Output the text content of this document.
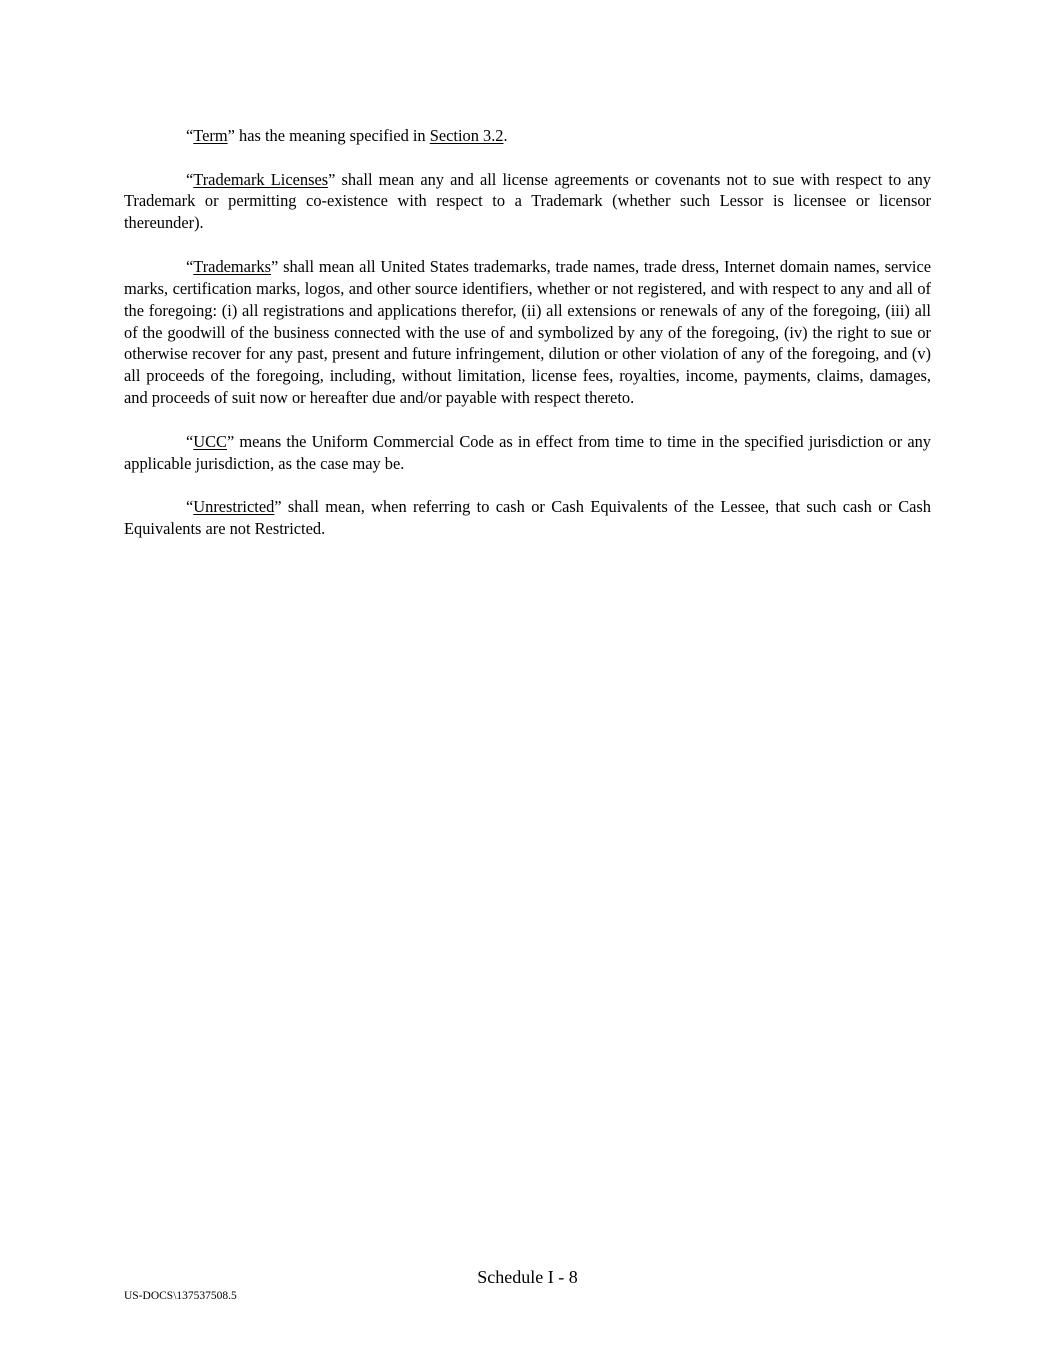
“Term” has the meaning specified in Section 3.2.

“Trademark Licenses” shall mean any and all license agreements or covenants not to sue with respect to any Trademark or permitting co-existence with respect to a Trademark (whether such Lessor is licensee or licensor thereunder).

“Trademarks” shall mean all United States trademarks, trade names, trade dress, Internet domain names, service marks, certification marks, logos, and other source identifiers, whether or not registered, and with respect to any and all of the foregoing: (i) all registrations and applications therefor, (ii) all extensions or renewals of any of the foregoing, (iii) all of the goodwill of the business connected with the use of and symbolized by any of the foregoing, (iv) the right to sue or otherwise recover for any past, present and future infringement, dilution or other violation of any of the foregoing, and (v) all proceeds of the foregoing, including, without limitation, license fees, royalties, income, payments, claims, damages, and proceeds of suit now or hereafter due and/or payable with respect thereto.

“UCC” means the Uniform Commercial Code as in effect from time to time in the specified jurisdiction or any applicable jurisdiction, as the case may be.

“Unrestricted” shall mean, when referring to cash or Cash Equivalents of the Lessee, that such cash or Cash Equivalents are not Restricted.

Schedule I - 8
US-DOCS\137537508.5
